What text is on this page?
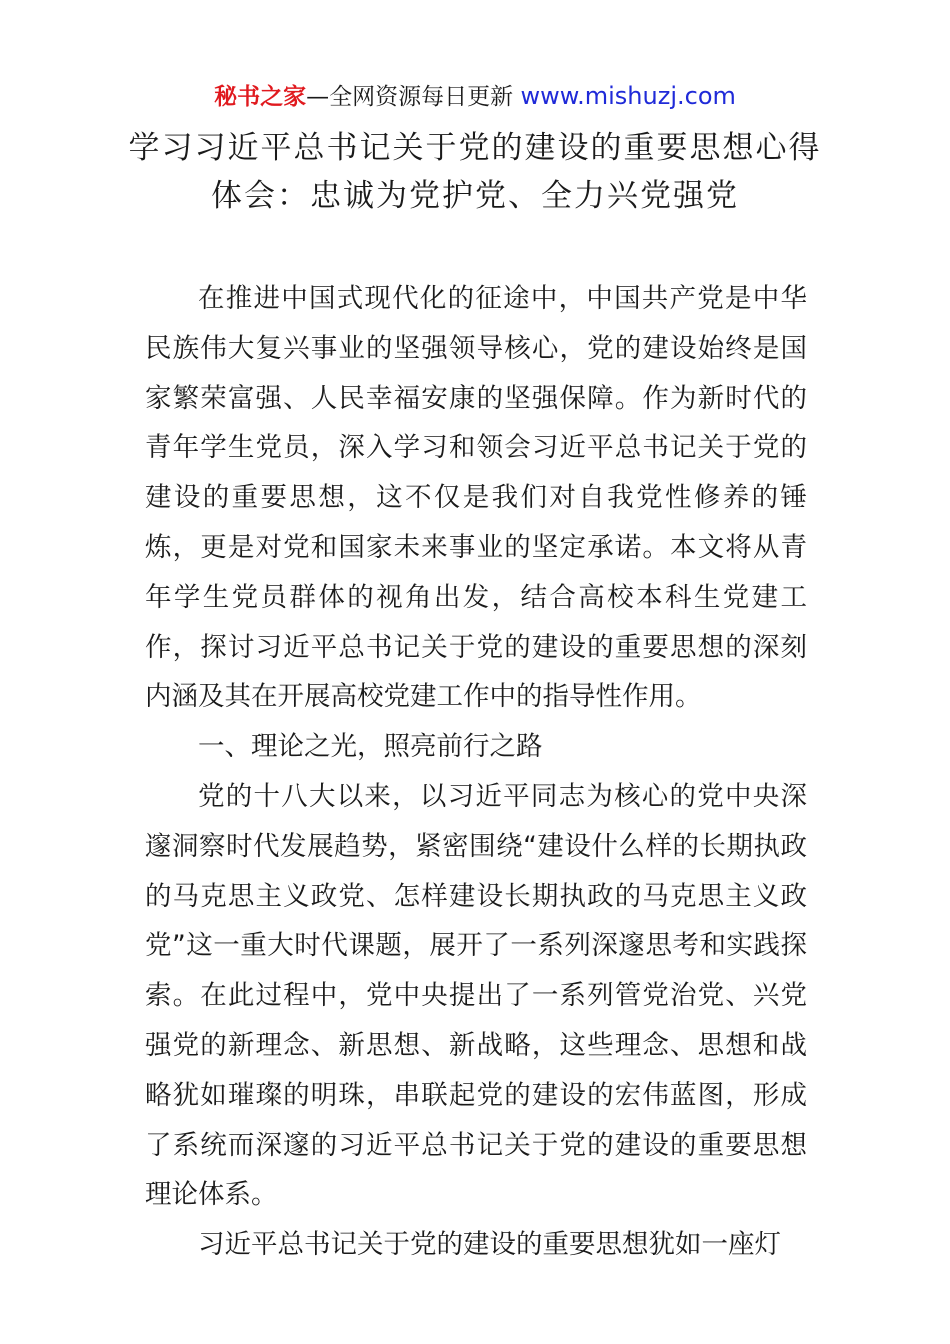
秘书之家—全网资源每日更新 www.mishuzj.com
学习习近平总书记关于党的建设的重要思想心得体会：忠诚为党护党、全力兴党强党

在推进中国式现代化的征途中，中国共产党是中华民族伟大复兴事业的坚强领导核心，党的建设始终是国家繁荣富强、人民幸福安康的坚强保障。作为新时代的青年学生党员，深入学习和领会习近平总书记关于党的建设的重要思想，这不仅是我们对自我党性修养的锤炼，更是对党和国家未来事业的坚定承诺。本文将从青年学生党员群体的视角出发，结合高校本科生党建工作，探讨习近平总书记关于党的建设的重要思想的深刻内涵及其在开展高校党建工作中的指导性作用。

一、理论之光，照亮前行之路

党的十八大以来，以习近平同志为核心的党中央深邃洞察时代发展趋势，紧密围绕“建设什么样的长期执政的马克思主义政党、怎样建设长期执政的马克思主义政党”这一重大时代课题，展开了一系列深邃思考和实践探索。在此过程中，党中央提出了一系列管党治党、兴党强党的新理念、新思想、新战略，这些理念、思想和战略犹如璀璨的明珠，串联起党的建设的宏伟蓝图，形成了系统而深邃的习近平总书记关于党的建设的重要思想理论体系。

习近平总书记关于党的建设的重要思想犹如一座灯
